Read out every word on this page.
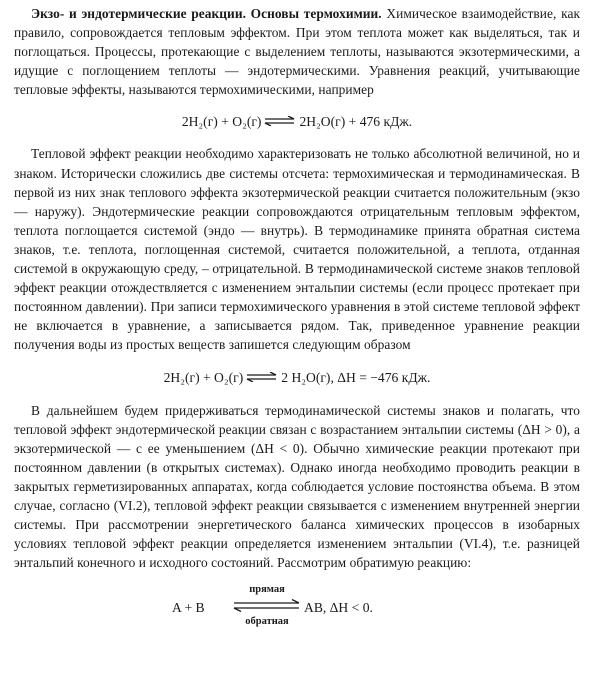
Экзо- и эндотермические реакции. Основы термохимии. Химическое взаимодействие, как правило, сопровождается тепловым эффектом. При этом теплота может как выделяться, так и поглощаться. Процессы, протекающие с выделением теплоты, называются экзотермическими, а идущие с поглощением теплоты — эндотермическими. Уравнения реакций, учитывающие тепловые эффекты, называются термохимическими, например

2H₂(г) + O₂(г) ⇌ 2H₂O(г) + 476 кДж.

Тепловой эффект реакции необходимо характеризовать не только абсолютной величиной, но и знаком. Исторически сложились две системы отсчета: термохимическая и термодинамическая. В первой из них знак теплового эффекта экзотермической реакции считается положительным (экзо — наружу). Эндотермические реакции сопровождаются отрицательным тепловым эффектом, теплота поглощается системой (эндо — внутрь). В термодинамике принята обратная система знаков, т.е. теплота, поглощенная системой, считается положительной, а теплота, отданная системой в окружающую среду, – отрицательной. В термодинамической системе знаков тепловой эффект реакции отождествляется с изменением энтальпии системы (если процесс протекает при постоянном давлении). При записи термохимического уравнения в этой системе тепловой эффект не включается в уравнение, а записывается рядом. Так, приведенное уравнение реакции получения воды из простых веществ запишется следующим образом

2H₂(г) + O₂(г) ⇌ 2 H₂O(г), ΔH = −476 кДж.

В дальнейшем будем придерживаться термодинамической системы знаков и полагать, что тепловой эффект эндотермической реакции связан с возрастанием энтальпии системы (ΔH > 0), а экзотермической — с ее уменьшением (ΔH < 0). Обычно химические реакции протекают при постоянном давлении (в открытых системах). Однако иногда необходимо проводить реакции в закрытых герметизированных аппаратах, когда соблюдается условие постоянства объема. В этом случае, согласно (VI.2), тепловой эффект реакции связывается с изменением внутренней энергии системы. При рассмотрении энергетического баланса химических процессов в изобарных условиях тепловой эффект реакции определяется изменением энтальпии (VI.4), т.е. разницей энтальпий конечного и исходного состояний. Рассмотрим обратимую реакцию:

A + B
прямая
обратная
AB, ΔH < 0.
